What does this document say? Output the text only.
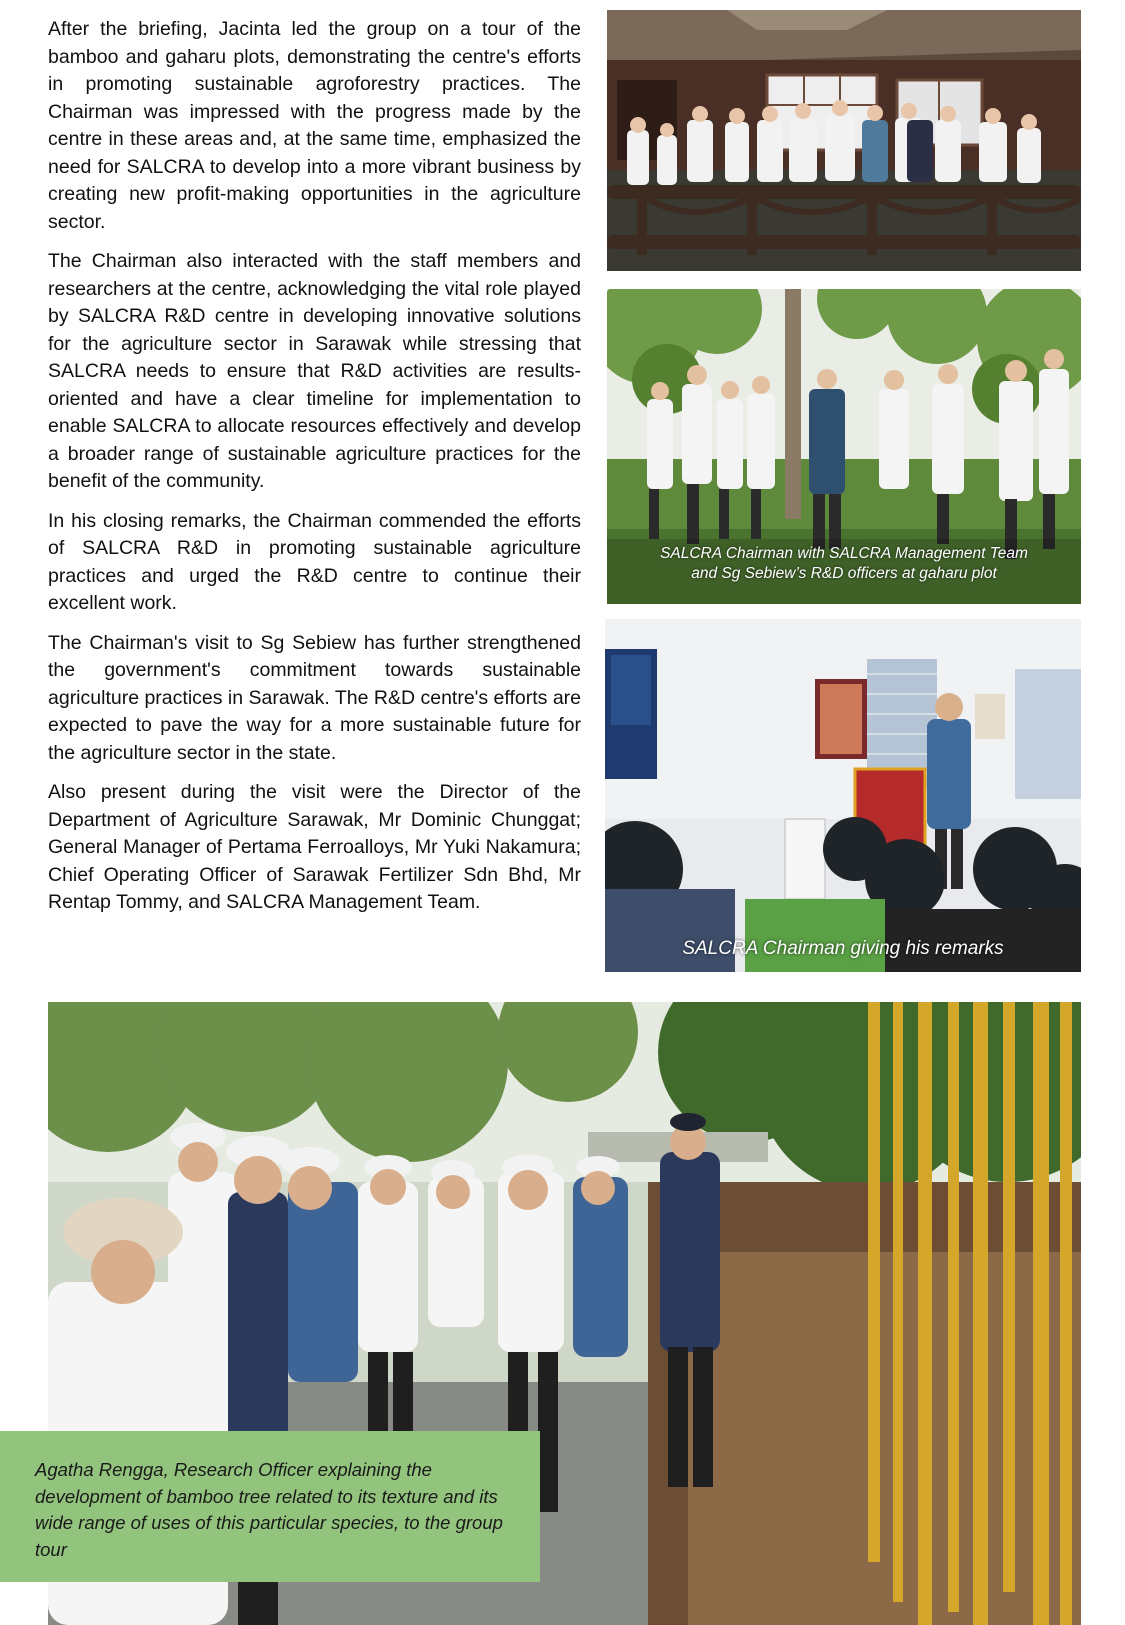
After the briefing, Jacinta led the group on a tour of the bamboo and gaharu plots, demonstrating the centre's efforts in promoting sustainable agroforestry practices. The Chairman was impressed with the progress made by the centre in these areas and, at the same time, emphasized the need for SALCRA to develop into a more vibrant business by creating new profit-making opportunities in the agriculture sector.

The Chairman also interacted with the staff members and researchers at the centre, acknowledging the vital role played by SALCRA R&D centre in developing innovative solutions for the agriculture sector in Sarawak while stressing that SALCRA needs to ensure that R&D activities are results-oriented and have a clear timeline for implementation to enable SALCRA to allocate resources effectively and develop a broader range of sustainable agriculture practices for the benefit of the community.

In his closing remarks, the Chairman commended the efforts of SALCRA R&D in promoting sustainable agriculture practices and urged the R&D centre to continue their excellent work.

The Chairman's visit to Sg Sebiew has further strengthened the government's commitment towards sustainable agriculture practices in Sarawak. The R&D centre's efforts are expected to pave the way for a more sustainable future for the agriculture sector in the state.

Also present during the visit were the Director of the Department of Agriculture Sarawak, Mr Dominic Chunggat; General Manager of Pertama Ferroalloys, Mr Yuki Nakamura; Chief Operating Officer of Sarawak Fertilizer Sdn Bhd, Mr Rentap Tommy, and SALCRA Management Team.

SALCRA Chairman with SALCRA Management Team
and Sg Sebiew’s R&D officers at gaharu plot
SALCRA Chairman giving his remarks

Agatha Rengga, Research Officer explaining the development of bamboo tree related to its texture and its wide range of uses of this particular species, to the group tour
